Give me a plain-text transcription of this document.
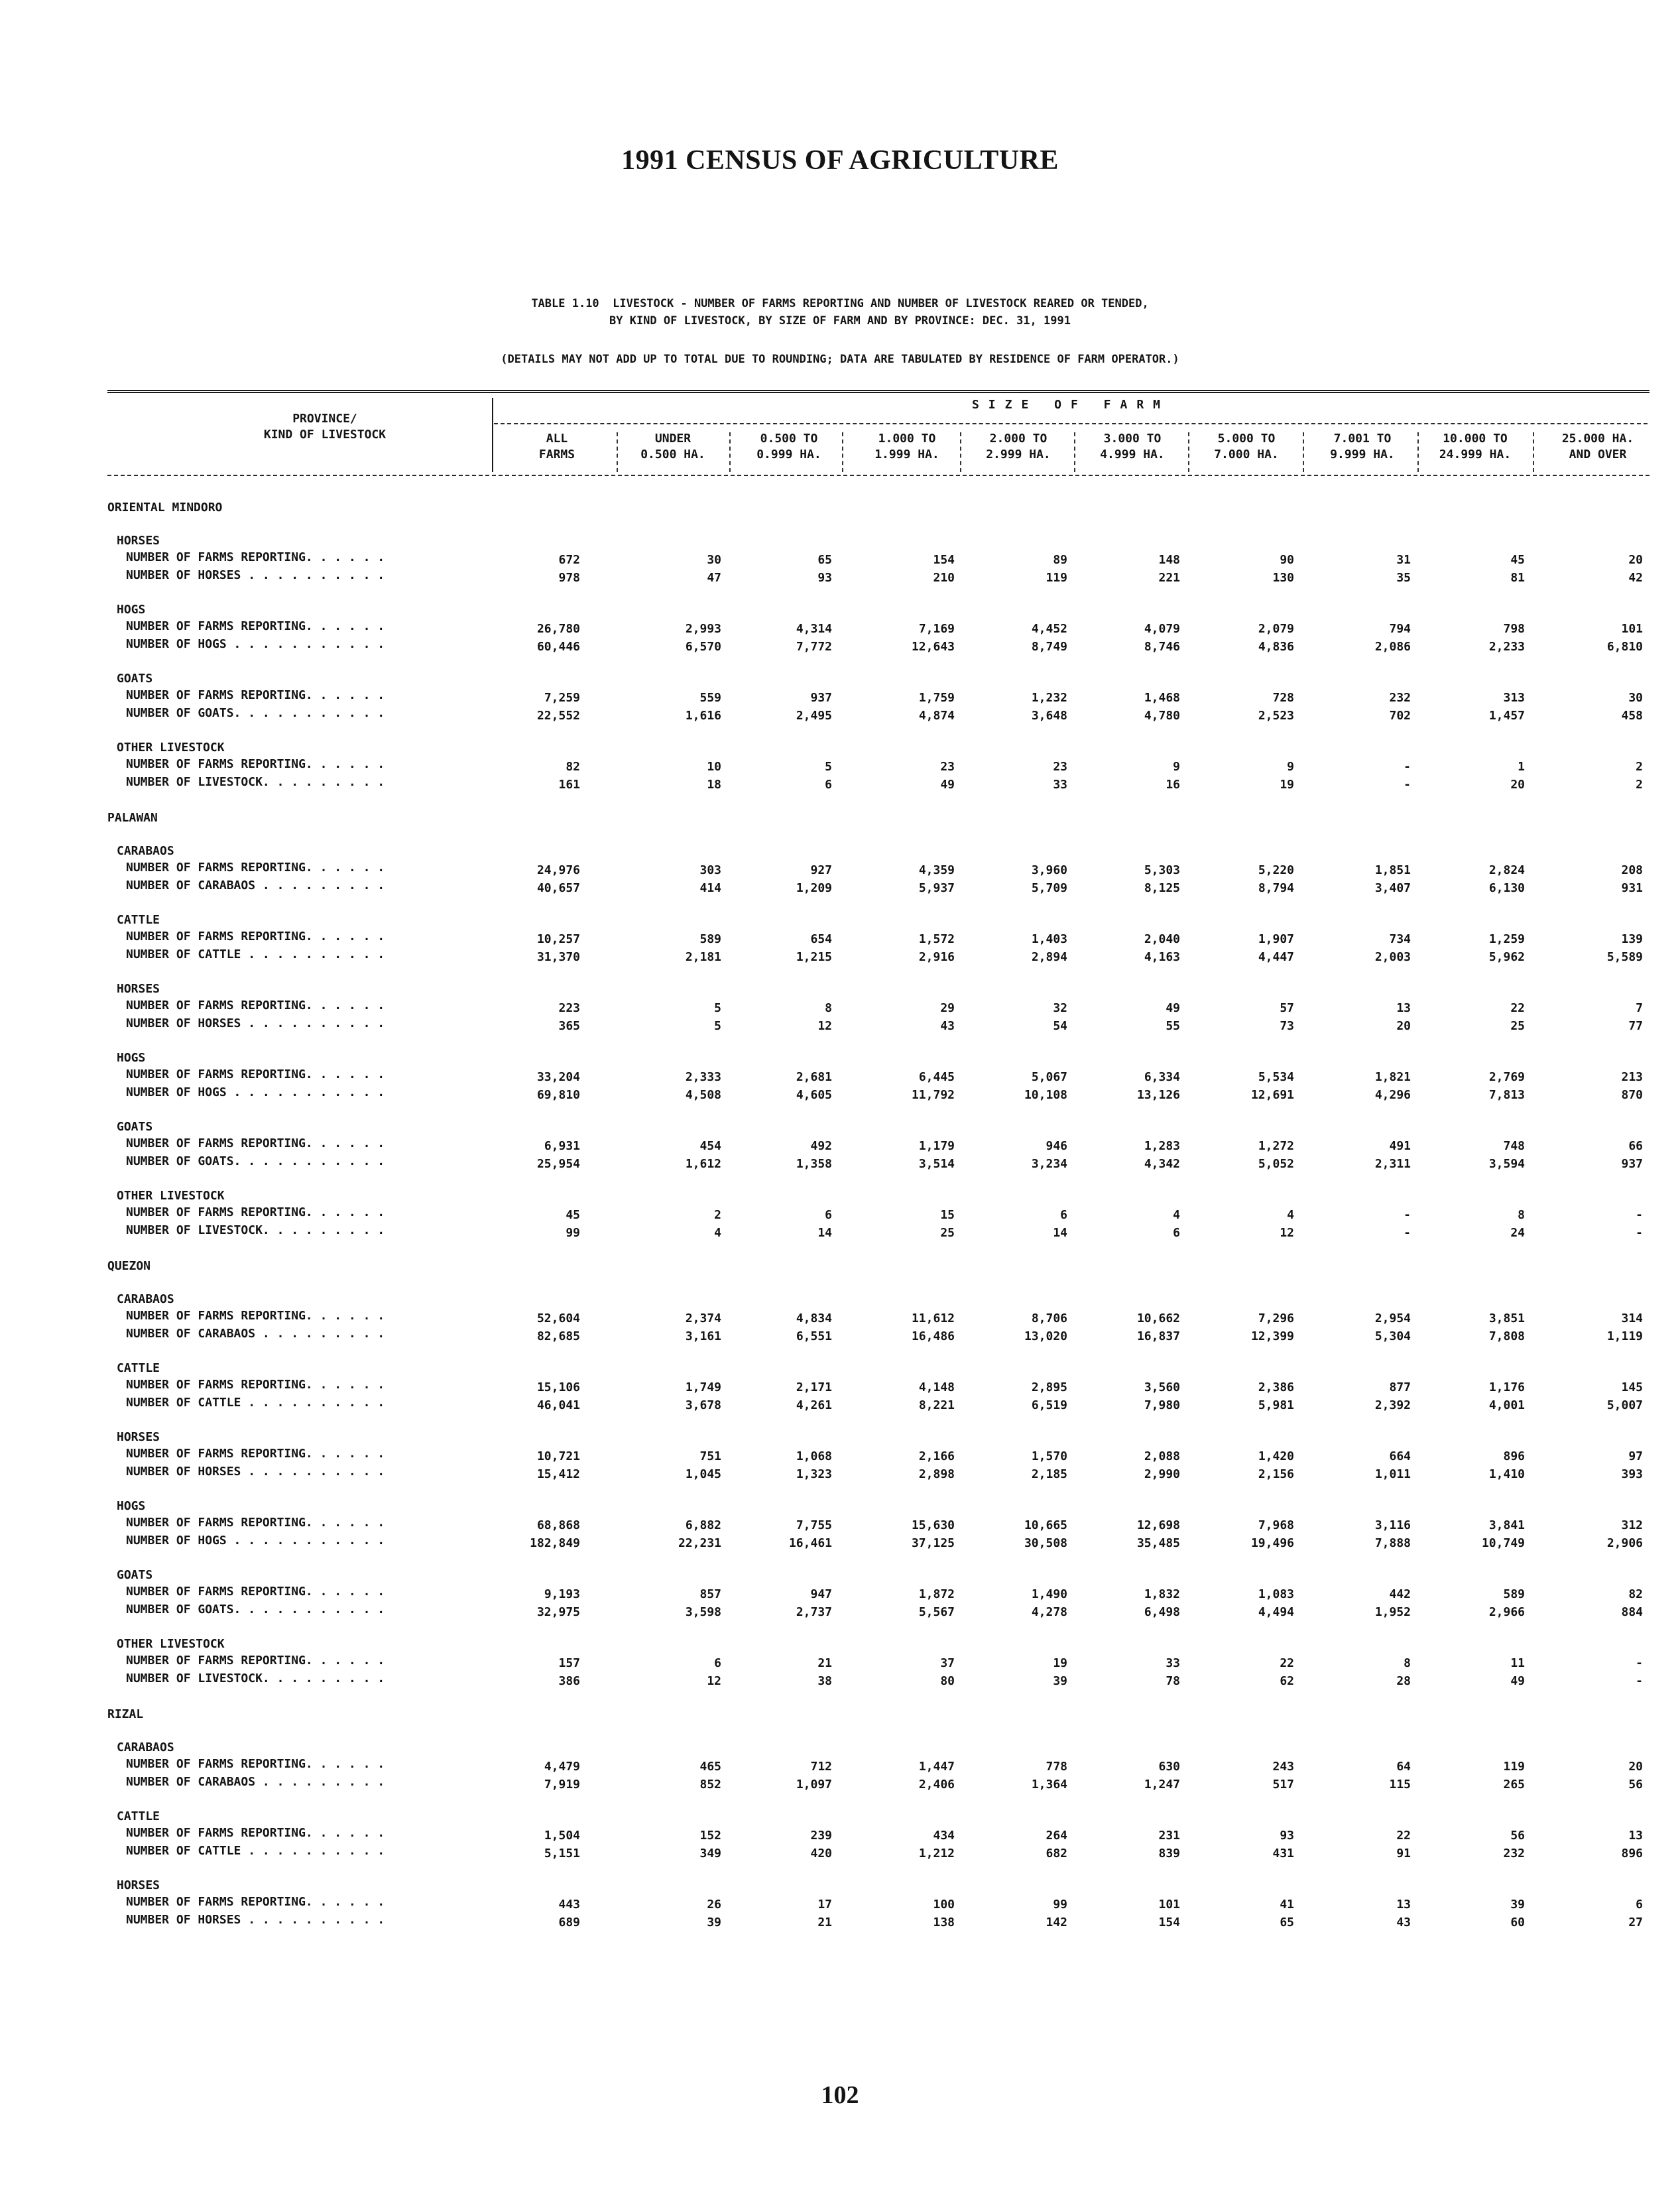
1991 CENSUS OF AGRICULTURE
TABLE 1.10  LIVESTOCK - NUMBER OF FARMS REPORTING AND NUMBER OF LIVESTOCK REARED OR TENDED,
BY KIND OF LIVESTOCK, BY SIZE OF FARM AND BY PROVINCE: DEC. 31, 1991
(DETAILS MAY NOT ADD UP TO TOTAL DUE TO ROUNDING; DATA ARE TABULATED BY RESIDENCE OF FARM OPERATOR.)
PROVINCE/
KIND OF LIVESTOCK
SIZE OF FARM
ALL
FARMS
UNDER
0.500 HA.
0.500 TO
0.999 HA.
1.000 TO
1.999 HA.
2.000 TO
2.999 HA.
3.000 TO
4.999 HA.
5.000 TO
7.000 HA.
7.001 TO
9.999 HA.
10.000 TO
24.999 HA.
25.000 HA.
AND OVER
ORIENTAL MINDORO
HORSES
NUMBER OF FARMS REPORTING. . . . . .	672	30	65	154	89	148	90	31	45	20
NUMBER OF HORSES . . . . . . . . . .	978	47	93	210	119	221	130	35	81	42
HOGS
NUMBER OF FARMS REPORTING. . . . . .	26,780	2,993	4,314	7,169	4,452	4,079	2,079	794	798	101
NUMBER OF HOGS . . . . . . . . . . .	60,446	6,570	7,772	12,643	8,749	8,746	4,836	2,086	2,233	6,810
GOATS
NUMBER OF FARMS REPORTING. . . . . .	7,259	559	937	1,759	1,232	1,468	728	232	313	30
NUMBER OF GOATS. . . . . . . . . . .	22,552	1,616	2,495	4,874	3,648	4,780	2,523	702	1,457	458
OTHER LIVESTOCK
NUMBER OF FARMS REPORTING. . . . . .	82	10	5	23	23	9	9	-	1	2
NUMBER OF LIVESTOCK. . . . . . . . .	161	18	6	49	33	16	19	-	20	2
PALAWAN
CARABAOS
NUMBER OF FARMS REPORTING. . . . . .	24,976	303	927	4,359	3,960	5,303	5,220	1,851	2,824	208
NUMBER OF CARABAOS . . . . . . . . .	40,657	414	1,209	5,937	5,709	8,125	8,794	3,407	6,130	931
CATTLE
NUMBER OF FARMS REPORTING. . . . . .	10,257	589	654	1,572	1,403	2,040	1,907	734	1,259	139
NUMBER OF CATTLE . . . . . . . . . .	31,370	2,181	1,215	2,916	2,894	4,163	4,447	2,003	5,962	5,589
HORSES
NUMBER OF FARMS REPORTING. . . . . .	223	5	8	29	32	49	57	13	22	7
NUMBER OF HORSES . . . . . . . . . .	365	5	12	43	54	55	73	20	25	77
HOGS
NUMBER OF FARMS REPORTING. . . . . .	33,204	2,333	2,681	6,445	5,067	6,334	5,534	1,821	2,769	213
NUMBER OF HOGS . . . . . . . . . . .	69,810	4,508	4,605	11,792	10,108	13,126	12,691	4,296	7,813	870
GOATS
NUMBER OF FARMS REPORTING. . . . . .	6,931	454	492	1,179	946	1,283	1,272	491	748	66
NUMBER OF GOATS. . . . . . . . . . .	25,954	1,612	1,358	3,514	3,234	4,342	5,052	2,311	3,594	937
OTHER LIVESTOCK
NUMBER OF FARMS REPORTING. . . . . .	45	2	6	15	6	4	4	-	8	-
NUMBER OF LIVESTOCK. . . . . . . . .	99	4	14	25	14	6	12	-	24	-
QUEZON
CARABAOS
NUMBER OF FARMS REPORTING. . . . . .	52,604	2,374	4,834	11,612	8,706	10,662	7,296	2,954	3,851	314
NUMBER OF CARABAOS . . . . . . . . .	82,685	3,161	6,551	16,486	13,020	16,837	12,399	5,304	7,808	1,119
CATTLE
NUMBER OF FARMS REPORTING. . . . . .	15,106	1,749	2,171	4,148	2,895	3,560	2,386	877	1,176	145
NUMBER OF CATTLE . . . . . . . . . .	46,041	3,678	4,261	8,221	6,519	7,980	5,981	2,392	4,001	5,007
HORSES
NUMBER OF FARMS REPORTING. . . . . .	10,721	751	1,068	2,166	1,570	2,088	1,420	664	896	97
NUMBER OF HORSES . . . . . . . . . .	15,412	1,045	1,323	2,898	2,185	2,990	2,156	1,011	1,410	393
HOGS
NUMBER OF FARMS REPORTING. . . . . .	68,868	6,882	7,755	15,630	10,665	12,698	7,968	3,116	3,841	312
NUMBER OF HOGS . . . . . . . . . . .	182,849	22,231	16,461	37,125	30,508	35,485	19,496	7,888	10,749	2,906
GOATS
NUMBER OF FARMS REPORTING. . . . . .	9,193	857	947	1,872	1,490	1,832	1,083	442	589	82
NUMBER OF GOATS. . . . . . . . . . .	32,975	3,598	2,737	5,567	4,278	6,498	4,494	1,952	2,966	884
OTHER LIVESTOCK
NUMBER OF FARMS REPORTING. . . . . .	157	6	21	37	19	33	22	8	11	-
NUMBER OF LIVESTOCK. . . . . . . . .	386	12	38	80	39	78	62	28	49	-
RIZAL
CARABAOS
NUMBER OF FARMS REPORTING. . . . . .	4,479	465	712	1,447	778	630	243	64	119	20
NUMBER OF CARABAOS . . . . . . . . .	7,919	852	1,097	2,406	1,364	1,247	517	115	265	56
CATTLE
NUMBER OF FARMS REPORTING. . . . . .	1,504	152	239	434	264	231	93	22	56	13
NUMBER OF CATTLE . . . . . . . . . .	5,151	349	420	1,212	682	839	431	91	232	896
HORSES
NUMBER OF FARMS REPORTING. . . . . .	443	26	17	100	99	101	41	13	39	6
NUMBER OF HORSES . . . . . . . . . .	689	39	21	138	142	154	65	43	60	27
102
